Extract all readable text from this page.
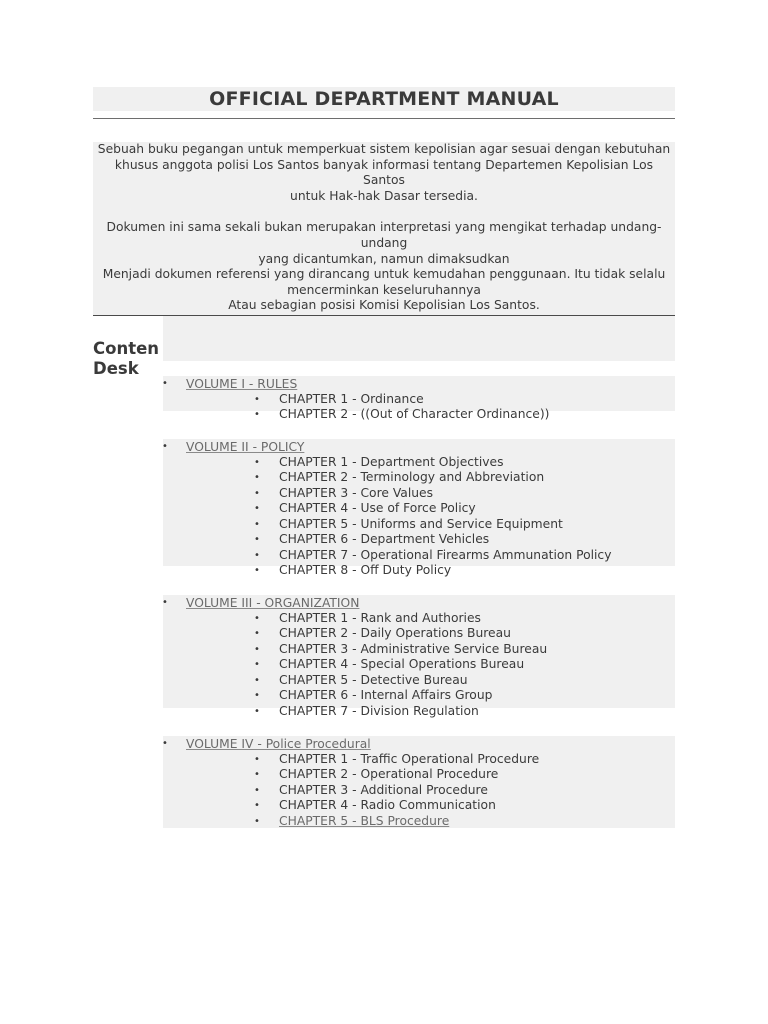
OFFICIAL DEPARTMENT MANUAL

Sebuah buku pegangan untuk memperkuat sistem kepolisian agar sesuai dengan kebutuhan

khusus anggota polisi Los Santos banyak informasi tentang Departemen Kepolisian Los Santos

untuk Hak-hak Dasar tersedia.

Dokumen ini sama sekali bukan merupakan interpretasi yang mengikat terhadap undang-undang

yang dicantumkan, namun dimaksudkan

Menjadi dokumen referensi yang dirancang untuk kemudahan penggunaan. Itu tidak selalu

mencerminkan keseluruhannya

Atau sebagian posisi Komisi Kepolisian Los Santos.

Conten Desk
• VOLUME I - RULES
• CHAPTER 1 - Ordinance
• CHAPTER 2 - ((Out of Character Ordinance))
• VOLUME II - POLICY
• CHAPTER 1 - Department Objectives
• CHAPTER 2 - Terminology and Abbreviation
• CHAPTER 3 - Core Values
• CHAPTER 4 - Use of Force Policy
• CHAPTER 5 - Uniforms and Service Equipment
• CHAPTER 6 - Department Vehicles
• CHAPTER 7 - Operational Firearms Ammunation Policy
• CHAPTER 8 - Off Duty Policy
• VOLUME III - ORGANIZATION
• CHAPTER 1 - Rank and Authories
• CHAPTER 2 - Daily Operations Bureau
• CHAPTER 3 - Administrative Service Bureau
• CHAPTER 4 - Special Operations Bureau
• CHAPTER 5 - Detective Bureau
• CHAPTER 6 - Internal Affairs Group
• CHAPTER 7 - Division Regulation
• VOLUME IV - Police Procedural
• CHAPTER 1 - Traffic Operational Procedure
• CHAPTER 2 - Operational Procedure
• CHAPTER 3 - Additional Procedure
• CHAPTER 4 - Radio Communication
• CHAPTER 5 - BLS Procedure
